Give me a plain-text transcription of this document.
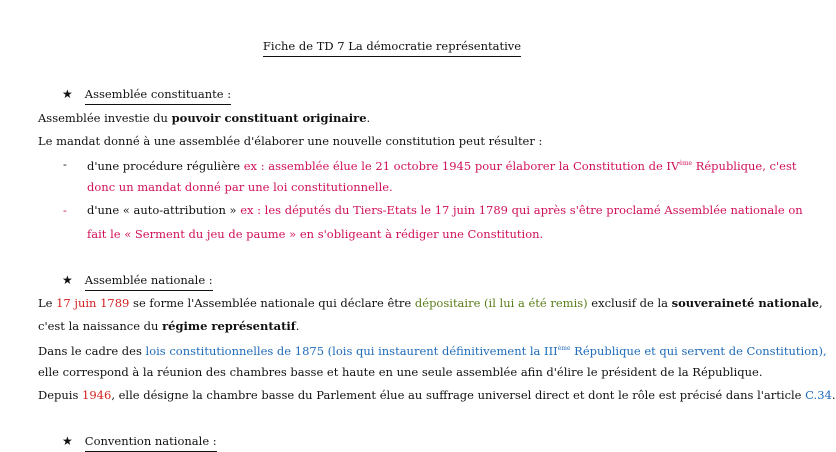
Fiche de TD 7 La démocratie représentative
★ Assemblée constituante :
Assemblée investie du pouvoir constituant originaire.
Le mandat donné à une assemblée d'élaborer une nouvelle constitution peut résulter :
- d'une procédure régulière ex : assemblée élue le 21 octobre 1945 pour élaborer la Constitution de IVème République, c'est
donc un mandat donné par une loi constitutionnelle.
- d'une « auto-attribution » ex : les députés du Tiers-Etats le 17 juin 1789 qui après s'être proclamé Assemblée nationale on
fait le « Serment du jeu de paume » en s'obligeant à rédiger une Constitution.
★ Assemblée nationale :
Le 17 juin 1789 se forme l'Assemblée nationale qui déclare être dépositaire (il lui a été remis) exclusif de la souveraineté nationale,
c'est la naissance du régime représentatif.
Dans le cadre des lois constitutionnelles de 1875 (lois qui instaurent définitivement la IIIème République et qui servent de Constitution),
elle correspond à la réunion des chambres basse et haute en une seule assemblée afin d'élire le président de la République.
Depuis 1946, elle désigne la chambre basse du Parlement élue au suffrage universel direct et dont le rôle est précisé dans l'article C.34.
★ Convention nationale :
